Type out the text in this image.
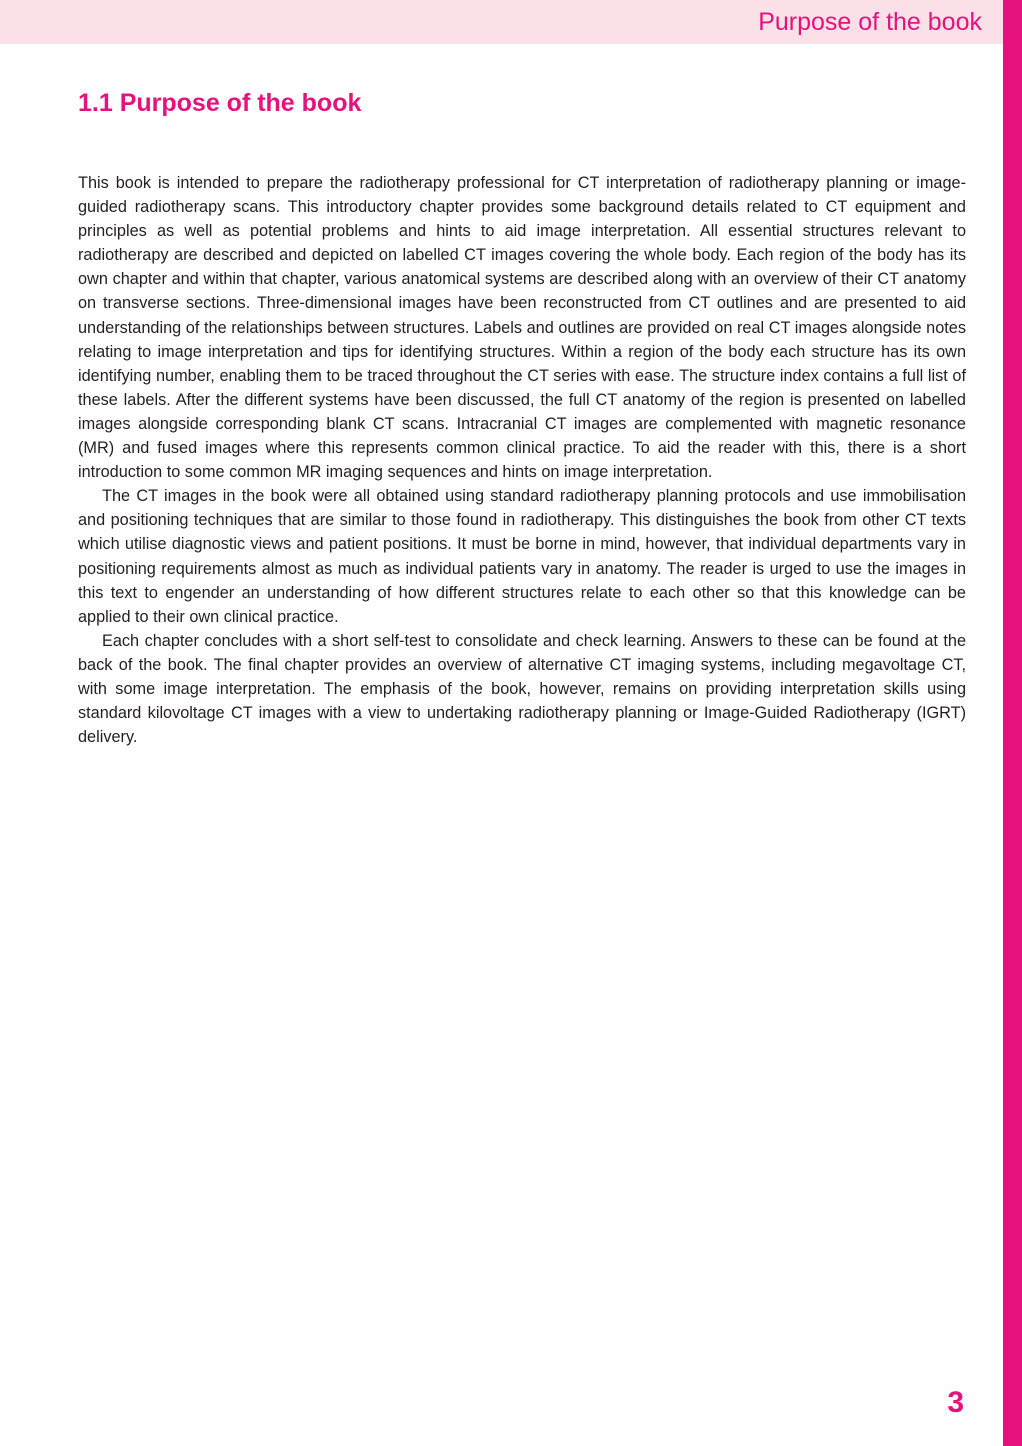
Purpose of the book
1.1 Purpose of the book

This book is intended to prepare the radiotherapy professional for CT interpretation of radiotherapy planning or image-guided radiotherapy scans. This introductory chapter provides some background details related to CT equipment and principles as well as potential problems and hints to aid image interpretation. All essential structures relevant to radiotherapy are described and depicted on labelled CT images covering the whole body. Each region of the body has its own chapter and within that chapter, various anatomical systems are described along with an overview of their CT anatomy on transverse sections. Three-dimensional images have been reconstructed from CT outlines and are presented to aid understanding of the relationships between structures. Labels and outlines are provided on real CT images alongside notes relating to image interpretation and tips for identifying structures. Within a region of the body each structure has its own identifying number, enabling them to be traced throughout the CT series with ease. The structure index contains a full list of these labels. After the different systems have been discussed, the full CT anatomy of the region is presented on labelled images alongside corresponding blank CT scans. Intracranial CT images are complemented with magnetic resonance (MR) and fused images where this represents common clinical practice. To aid the reader with this, there is a short introduction to some common MR imaging sequences and hints on image interpretation.

The CT images in the book were all obtained using standard radiotherapy planning protocols and use immobilisation and positioning techniques that are similar to those found in radiotherapy. This distinguishes the book from other CT texts which utilise diagnostic views and patient positions. It must be borne in mind, however, that individual departments vary in positioning requirements almost as much as individual patients vary in anatomy. The reader is urged to use the images in this text to engender an understanding of how different structures relate to each other so that this knowledge can be applied to their own clinical practice.

Each chapter concludes with a short self-test to consolidate and check learning. Answers to these can be found at the back of the book. The final chapter provides an overview of alternative CT imaging systems, including megavoltage CT, with some image interpretation. The emphasis of the book, however, remains on providing interpretation skills using standard kilovoltage CT images with a view to undertaking radiotherapy planning or Image-Guided Radiotherapy (IGRT) delivery.

3
